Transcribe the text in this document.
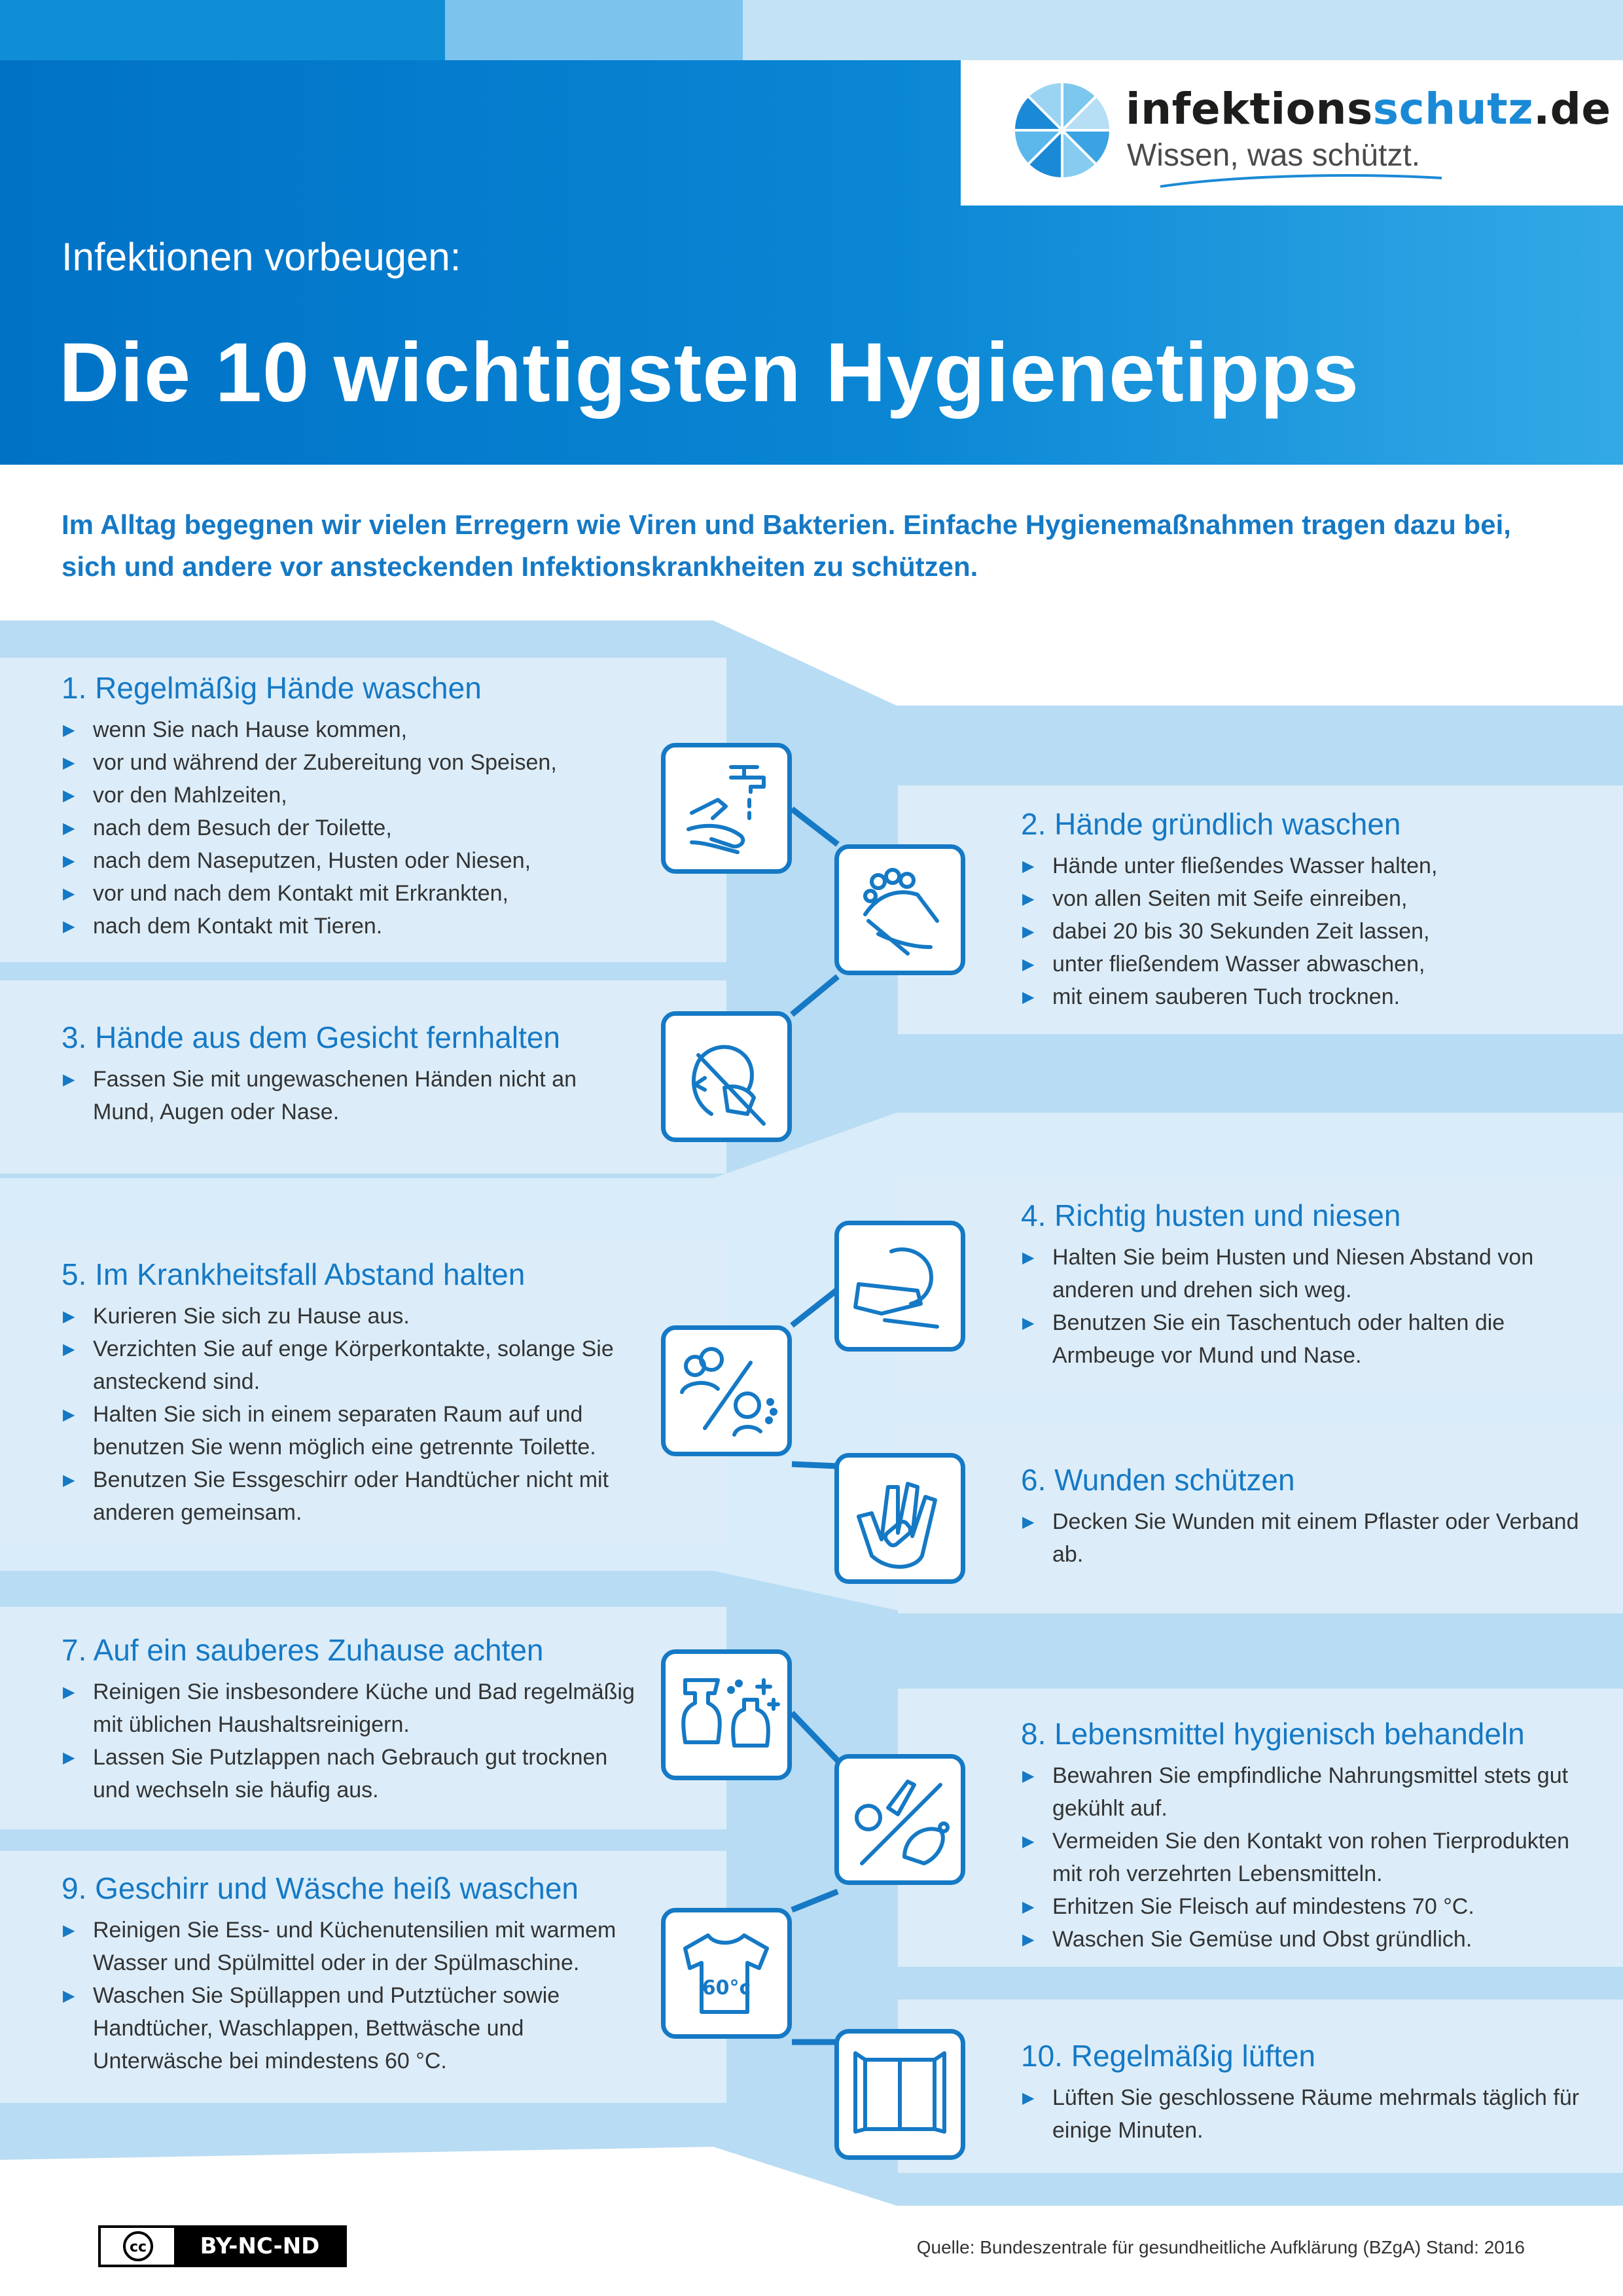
infektionsschutz.de
Wissen, was schützt.
Infektionen vorbeugen:
Die 10 wichtigsten Hygienetipps
Im Alltag begegnen wir vielen Erregern wie Viren und Bakterien. Einfache Hygienemaßnahmen tragen dazu bei, sich und andere vor ansteckenden Infektionskrankheiten zu schützen.
1. Regelmäßig Hände waschen
▶ wenn Sie nach Hause kommen,
▶ vor und während der Zubereitung von Speisen,
▶ vor den Mahlzeiten,
▶ nach dem Besuch der Toilette,
▶ nach dem Naseputzen, Husten oder Niesen,
▶ vor und nach dem Kontakt mit Erkrankten,
▶ nach dem Kontakt mit Tieren.
2. Hände gründlich waschen
▶ Hände unter fließendes Wasser halten,
▶ von allen Seiten mit Seife einreiben,
▶ dabei 20 bis 30 Sekunden Zeit lassen,
▶ unter fließendem Wasser abwaschen,
▶ mit einem sauberen Tuch trocknen.
3. Hände aus dem Gesicht fernhalten
▶ Fassen Sie mit ungewaschenen Händen nicht an Mund, Augen oder Nase.
4. Richtig husten und niesen
▶ Halten Sie beim Husten und Niesen Abstand von anderen und drehen sich weg.
▶ Benutzen Sie ein Taschentuch oder halten die Armbeuge vor Mund und Nase.
5. Im Krankheitsfall Abstand halten
▶ Kurieren Sie sich zu Hause aus.
▶ Verzichten Sie auf enge Körperkontakte, solange Sie ansteckend sind.
▶ Halten Sie sich in einem separaten Raum auf und benutzen Sie wenn möglich eine getrennte Toilette.
▶ Benutzen Sie Essgeschirr oder Handtücher nicht mit anderen gemeinsam.
6. Wunden schützen
▶ Decken Sie Wunden mit einem Pflaster oder Verband ab.
7. Auf ein sauberes Zuhause achten
▶ Reinigen Sie insbesondere Küche und Bad regelmäßig mit üblichen Haushaltsreinigern.
▶ Lassen Sie Putzlappen nach Gebrauch gut trocknen und wechseln sie häufig aus.
8. Lebensmittel hygienisch behandeln
▶ Bewahren Sie empfindliche Nahrungsmittel stets gut gekühlt auf.
▶ Vermeiden Sie den Kontakt von rohen Tierprodukten mit roh verzehrten Lebensmitteln.
▶ Erhitzen Sie Fleisch auf mindestens 70 °C.
▶ Waschen Sie Gemüse und Obst gründlich.
9. Geschirr und Wäsche heiß waschen
▶ Reinigen Sie Ess- und Küchenutensilien mit warmem Wasser und Spülmittel oder in der Spülmaschine.
▶ Waschen Sie Spüllappen und Putztücher sowie Handtücher, Waschlappen, Bettwäsche und Unterwäsche bei mindestens 60 °C.	10. Regelmäßig lüften
▶ Lüften Sie geschlossene Räume mehrmals täglich für einige Minuten.
60°c
cc	BY-NC-ND	Quelle: Bundeszentrale für gesundheitliche Aufklärung (BZgA) Stand: 2016
